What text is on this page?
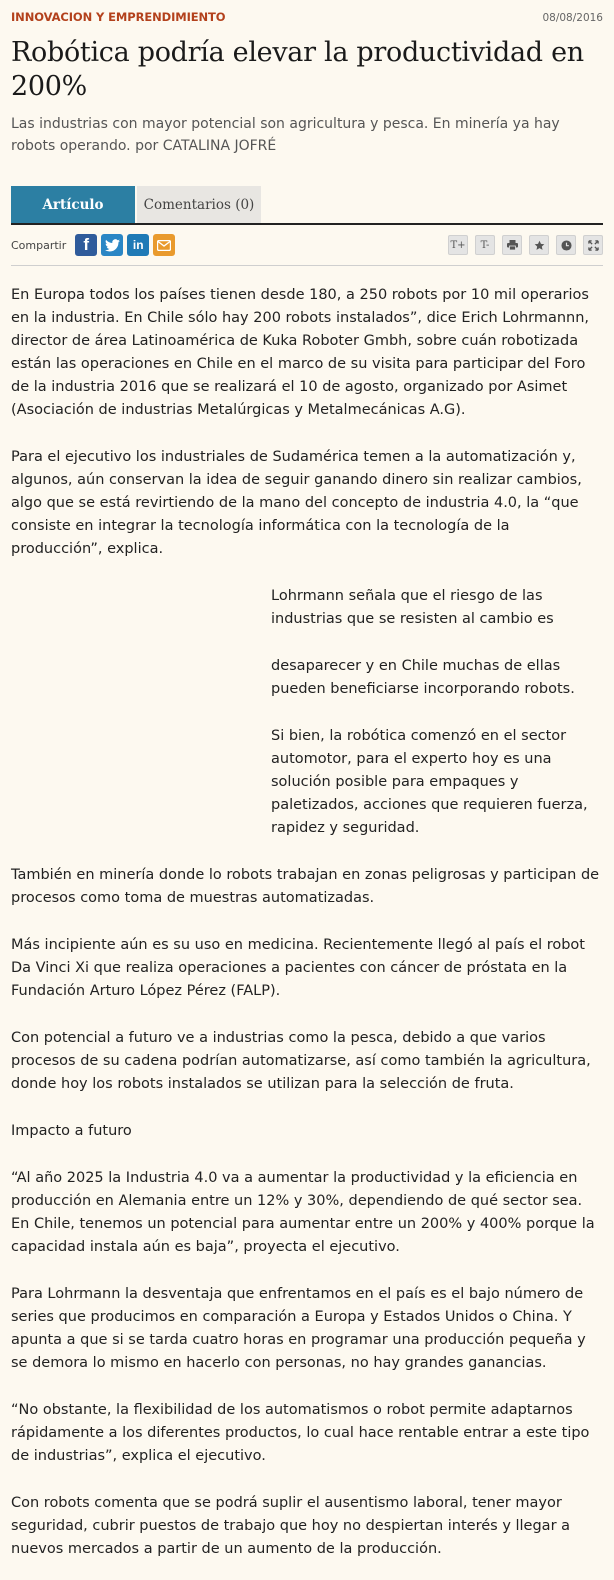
INNOVACION Y EMPRENDIMIENTO	08/08/2016
Robótica podría elevar la productividad en 200%
Las industrias con mayor potencial son agricultura y pesca. En minería ya hay robots operando. por CATALINA JOFRÉ
Artículo	Comentarios (0)
Compartir f	in	T+ T-

En Europa todos los países tienen desde 180, a 250 robots por 10 mil operarios en la industria. En Chile sólo hay 200 robots instalados”, dice Erich Lohrmannn, director de área Latinoamérica de Kuka Roboter Gmbh, sobre cuán robotizada están las operaciones en Chile en el marco de su visita para participar del Foro de la industria 2016 que se realizará el 10 de agosto, organizado por Asimet (Asociación de industrias Metalúrgicas y Metalmecánicas A.G).

Para el ejecutivo los industriales de Sudamérica temen a la automatización y, algunos, aún conservan la idea de seguir ganando dinero sin realizar cambios, algo que se está revirtiendo de la mano del concepto de industria 4.0, la “que consiste en integrar la tecnología informática con la tecnología de la producción”, explica.

Lohrmann señala que el riesgo de las industrias que se resisten al cambio es

desaparecer y en Chile muchas de ellas pueden beneficiarse incorporando robots.

Si bien, la robótica comenzó en el sector automotor, para el experto hoy es una solución posible para empaques y paletizados, acciones que requieren fuerza, rapidez y seguridad.

También en minería donde lo robots trabajan en zonas peligrosas y participan de procesos como toma de muestras automatizadas.

Más incipiente aún es su uso en medicina. Recientemente llegó al país el robot Da Vinci Xi que realiza operaciones a pacientes con cáncer de próstata en la Fundación Arturo López Pérez (FALP).

Con potencial a futuro ve a industrias como la pesca, debido a que varios procesos de su cadena podrían automatizarse, así como también la agricultura, donde hoy los robots instalados se utilizan para la selección de fruta.

Impacto a futuro

“Al año 2025 la Industria 4.0 va a aumentar la productividad y la eficiencia en producción en Alemania entre un 12% y 30%, dependiendo de qué sector sea. En Chile, tenemos un potencial para aumentar entre un 200% y 400% porque la capacidad instala aún es baja”, proyecta el ejecutivo.

Para Lohrmann la desventaja que enfrentamos en el país es el bajo número de series que producimos en comparación a Europa y Estados Unidos o China. Y apunta a que si se tarda cuatro horas en programar una producción pequeña y se demora lo mismo en hacerlo con personas, no hay grandes ganancias.

“No obstante, la flexibilidad de los automatismos o robot permite adaptarnos rápidamente a los diferentes productos, lo cual hace rentable entrar a este tipo de industrias”, explica el ejecutivo.

Con robots comenta que se podrá suplir el ausentismo laboral, tener mayor seguridad, cubrir puestos de trabajo que hoy no despiertan interés y llegar a nuevos mercados a partir de un aumento de la producción.
